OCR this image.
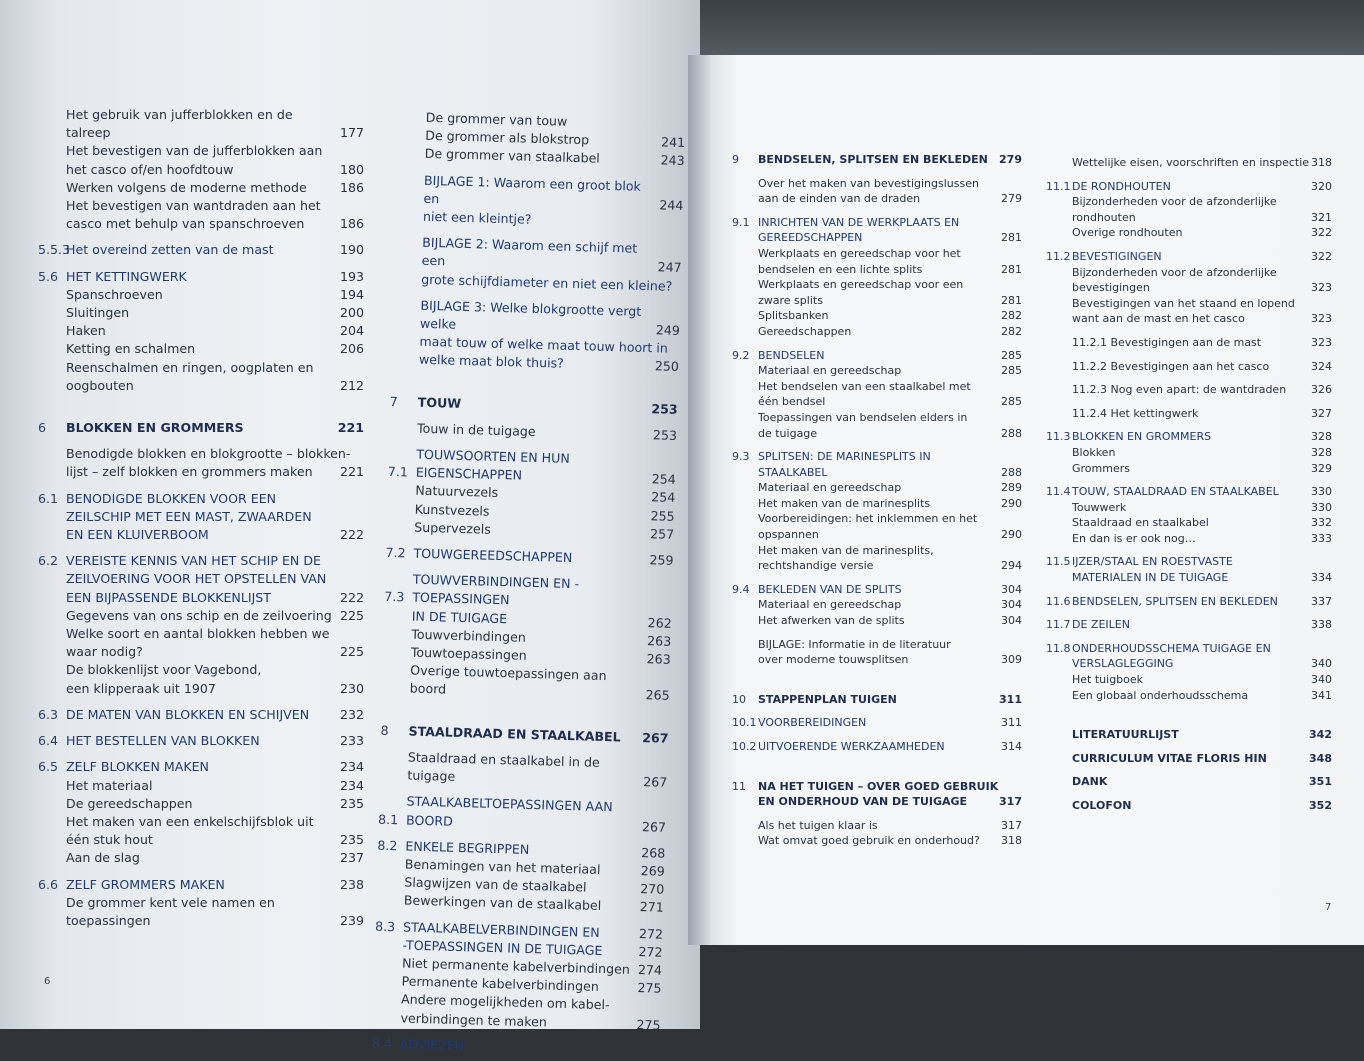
Het gebruik van jufferblokken en de talreep	177
Het bevestigen van de jufferblokken aan
het casco of/en hoofdtouw	180
Werken volgens de moderne methode	186
Het bevestigen van wantdraden aan het
casco met behulp van spanschroeven	186
5.5.3
Het overeind zetten van de mast	190
5.6 HET KETTINGWERK	193
Spanschroeven	194
Sluitingen	200
Haken	204
Ketting en schalmen	206
Reenschalmen en ringen, oogplaten en
oogbouten	212
6	BLOKKEN EN GROMMERS	221
Benodigde blokken en blokgrootte – blokken-
lijst – zelf blokken en grommers maken	221
6.1 BENODIGDE BLOKKEN VOOR EEN
ZEILSCHIP MET EEN MAST, ZWAARDEN
EN EEN KLUIVERBOOM	222
6.2 VEREISTE KENNIS VAN HET SCHIP EN DE
ZEILVOERING VOOR HET OPSTELLEN VAN
EEN BIJPASSENDE BLOKKENLIJST	222
Gegevens van ons schip en de zeilvoering 225
Welke soort en aantal blokken hebben we
waar nodig?	225
De blokkenlijst voor Vagebond,
een klipperaak uit 1907	230
6.3 DE MATEN VAN BLOKKEN EN SCHIJVEN	232
6.4 HET BESTELLEN VAN BLOKKEN	233
6.5 ZELF BLOKKEN MAKEN	234
Het materiaal	234
De gereedschappen	235
Het maken van een enkelschijfsblok uit
één stuk hout	235
Aan de slag	237
6.6 ZELF GROMMERS MAKEN	238
De grommer kent vele namen en
toepassingen	239
De grommer van touw
De grommer als blokstrop	241
De grommer van staalkabel	243
BIJLAGE 1: Waarom een groot blok en	244
niet een kleintje?
BIJLAGE 2: Waarom een schijf met een	247
grote schijfdiameter en niet een kleine?
BIJLAGE 3: Welke blokgrootte vergt welke	249
maat touw of welke maat touw hoort in
welke maat blok thuis?	250
7	TOUW	253
Touw in de tuigage	253
7.1
TOUWSOORTEN EN HUN EIGENSCHAPPEN	254
Natuurvezels	254
Kunstvezels	255
Supervezels	257
7.2 TOUWGEREEDSCHAPPEN	259
7.3
TOUWVERBINDINGEN EN -TOEPASSINGEN
IN DE TUIGAGE	262
Touwverbindingen	263
Touwtoepassingen	263
Overige touwtoepassingen aan boord	265
8	STAALDRAAD EN STAALKABEL	267
Staaldraad en staalkabel in de tuigage	267
8.1
STAALKABELTOEPASSINGEN AAN BOORD	267
8.2 ENKELE BEGRIPPEN	268
Benamingen van het materiaal	269
Slagwijzen van de staalkabel	270
Bewerkingen van de staalkabel	271
8.3 STAALKABELVERBINDINGEN EN	272
-TOEPASSINGEN IN DE TUIGAGE	272
Niet permanente kabelverbindingen 274
Permanente kabelverbindingen	275
Andere mogelijkheden om kabel-
verbindingen te maken	275
8.4 ADVIEZEN
9	BENDSELEN, SPLITSEN EN BEKLEDEN	279
Over het maken van bevestigingslussen
aan de einden van de draden	279
9.1 INRICHTEN VAN DE WERKPLAATS EN
GEREEDSCHAPPEN	281
Werkplaats en gereedschap voor het
bendselen en een lichte splits	281
Werkplaats en gereedschap voor een
zware splits	281
Splitsbanken	282
Gereedschappen	282
9.2 BENDSELEN	285
Materiaal en gereedschap	285
Het bendselen van een staalkabel met
één bendsel	285
Toepassingen van bendselen elders in
de tuigage	288
9.3 SPLITSEN: DE MARINESPLITS IN
STAALKABEL	288
Materiaal en gereedschap	289
Het maken van de marinesplits	290
Voorbereidingen: het inklemmen en het
opspannen	290
Het maken van de marinesplits,
rechtshandige versie	294
9.4 BEKLEDEN VAN DE SPLITS	304
Materiaal en gereedschap	304
Het afwerken van de splits	304
BIJLAGE: Informatie in de literatuur
over moderne touwsplitsen	309
10	STAPPENPLAN TUIGEN	311
10.1 VOORBEREIDINGEN	311
10.2 UITVOERENDE WERKZAAMHEDEN	314
11	NA HET TUIGEN – OVER GOED GEBRUIK
EN ONDERHOUD VAN DE TUIGAGE	317
Als het tuigen klaar is	317
Wat omvat goed gebruik en onderhoud?	318
Wettelijke eisen, voorschriften en inspectie 318
11.1 DE RONDHOUTEN	320
Bijzonderheden voor de afzonderlijke
rondhouten	321
Overige rondhouten	322
11.2 BEVESTIGINGEN	322
Bijzonderheden voor de afzonderlijke
bevestigingen	323
Bevestigingen van het staand en lopend
want aan de mast en het casco	323
11.2.1 Bevestigingen aan de mast	323
11.2.2 Bevestigingen aan het casco	324
11.2.3 Nog even apart: de wantdraden	326
11.2.4 Het kettingwerk	327
11.3 BLOKKEN EN GROMMERS	328
Blokken	328
Grommers	329
11.4 TOUW, STAALDRAAD EN STAALKABEL	330
Touwwerk	330
Staaldraad en staalkabel	332
En dan is er ook nog…	333
11.5 IJZER/STAAL EN ROESTVASTE
MATERIALEN IN DE TUIGAGE	334
11.6 BENDSELEN, SPLITSEN EN BEKLEDEN	337
11.7 DE ZEILEN	338
11.8 ONDERHOUDSSCHEMA TUIGAGE EN
VERSLAGLEGGING	340
Het tuigboek	340
Een globaal onderhoudsschema	341
LITERATUURLIJST	342
CURRICULUM VITAE FLORIS HIN	348
DANK	351
COLOFON	352
6
7
